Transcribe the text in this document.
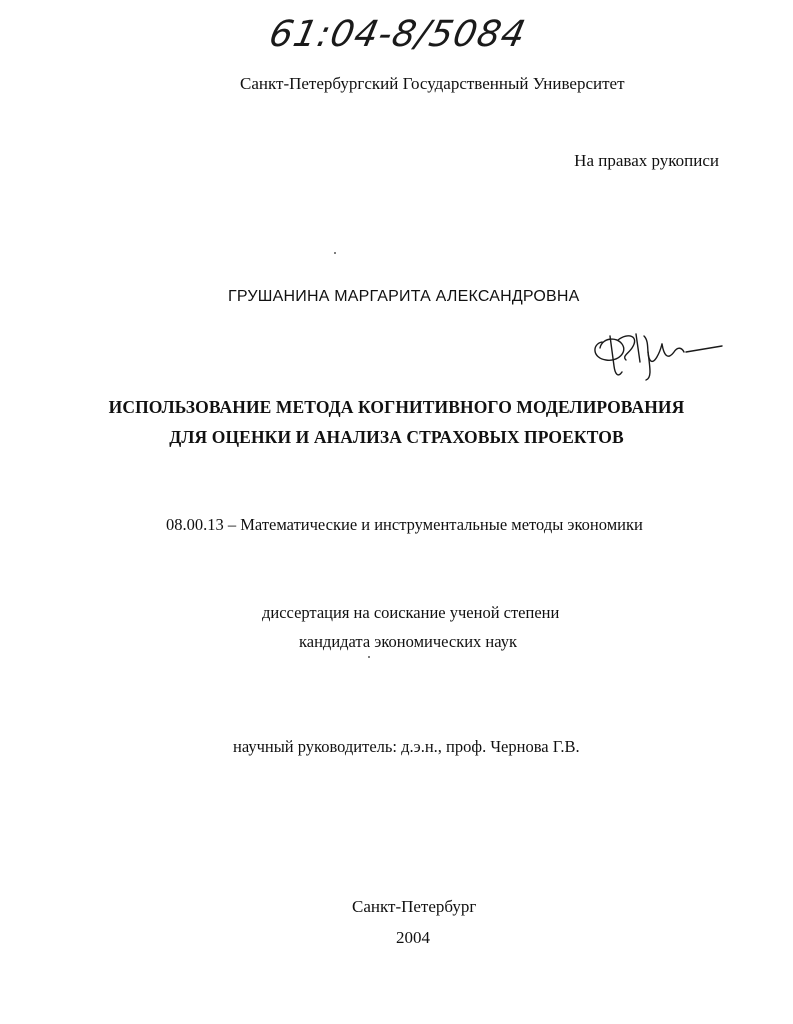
61:04-8/5084
Санкт-Петербургский Государственный Университет
На правах рукописи
ГРУШАНИНА МАРГАРИТА АЛЕКСАНДРОВНА
ИСПОЛЬЗОВАНИЕ МЕТОДА КОГНИТИВНОГО МОДЕЛИРОВАНИЯ
ДЛЯ ОЦЕНКИ И АНАЛИЗА СТРАХОВЫХ ПРОЕКТОВ
08.00.13 – Математические и инструментальные методы экономики
диссертация на соискание ученой степени
кандидата экономических наук
научный руководитель: д.э.н., проф. Чернова Г.В.
Санкт-Петербург
2004
